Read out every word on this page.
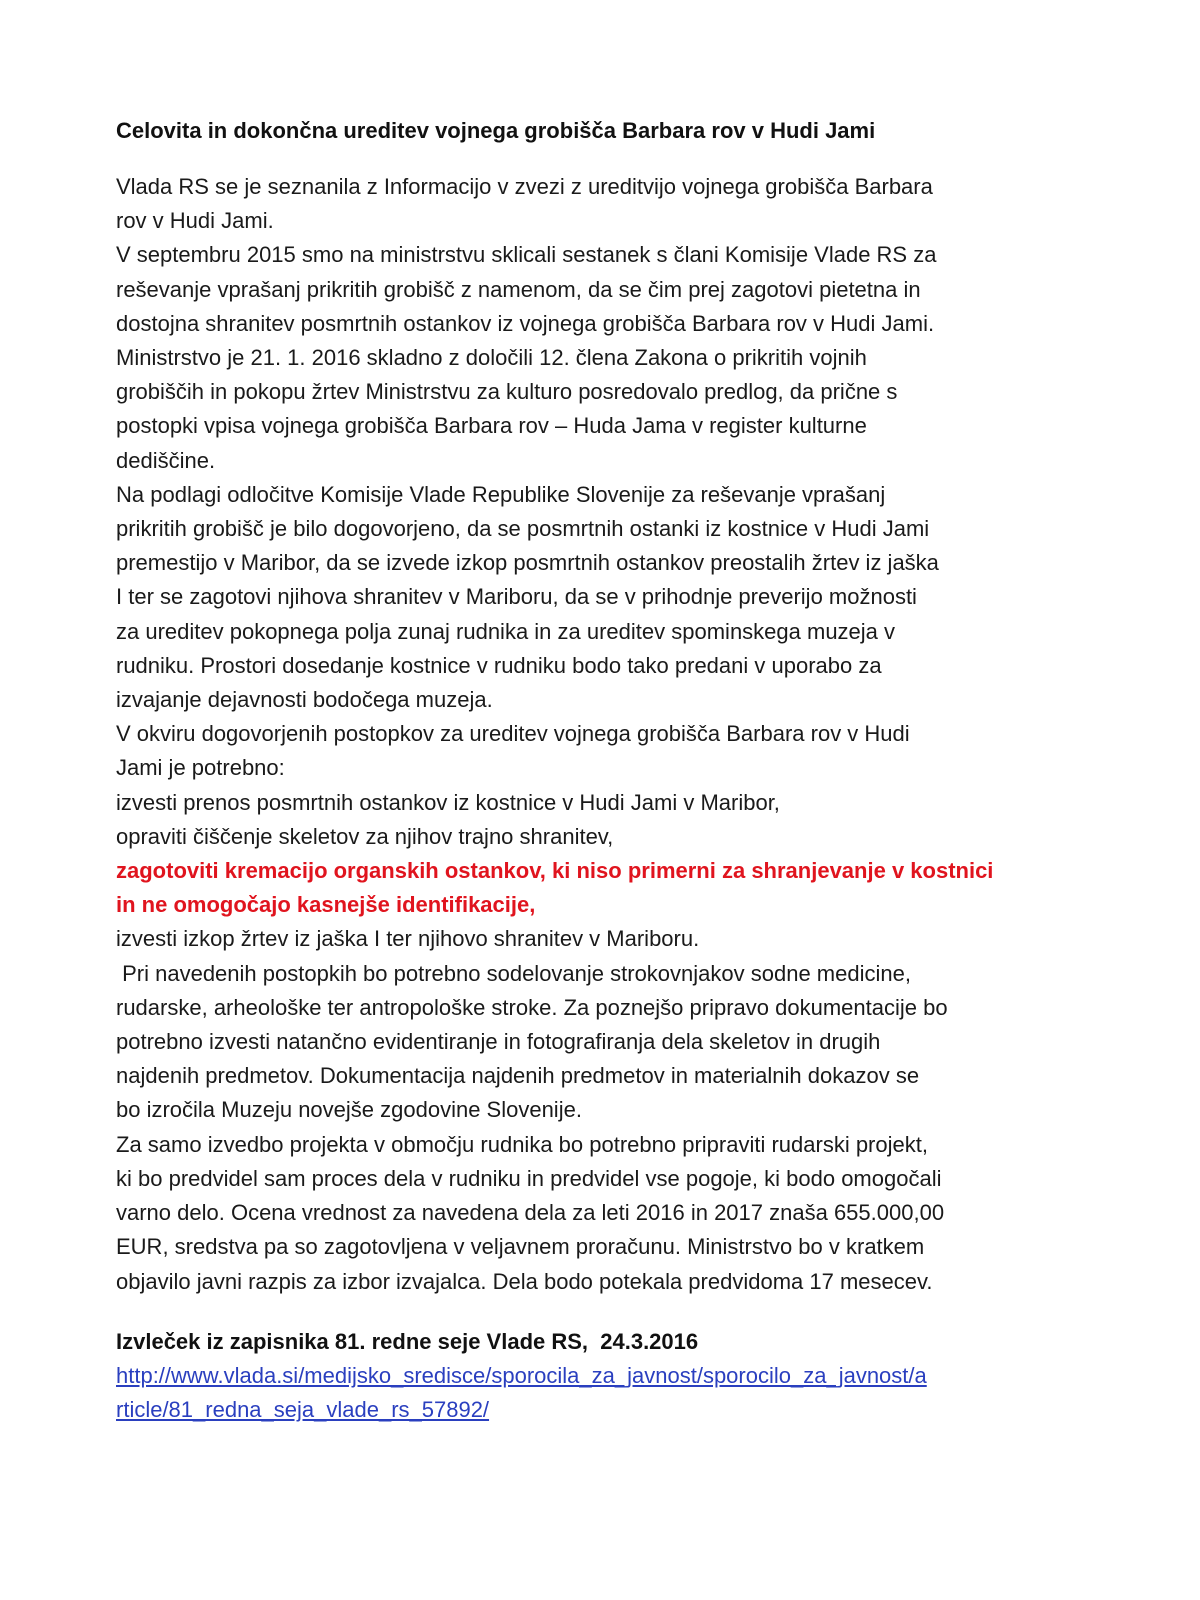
Celovita in dokončna ureditev vojnega grobišča Barbara rov v Hudi Jami

Vlada RS se je seznanila z Informacijo v zvezi z ureditvijo vojnega grobišča Barbara

rov v Hudi Jami.

V septembru 2015 smo na ministrstvu sklicali sestanek s člani Komisije Vlade RS za

reševanje vprašanj prikritih grobišč z namenom, da se čim prej zagotovi pietetna in

dostojna shranitev posmrtnih ostankov iz vojnega grobišča Barbara rov v Hudi Jami.

Ministrstvo je 21. 1. 2016 skladno z določili 12. člena Zakona o prikritih vojnih

grobiščih in pokopu žrtev Ministrstvu za kulturo posredovalo predlog, da prične s

postopki vpisa vojnega grobišča Barbara rov – Huda Jama v register kulturne

dediščine.

Na podlagi odločitve Komisije Vlade Republike Slovenije za reševanje vprašanj

prikritih grobišč je bilo dogovorjeno, da se posmrtnih ostanki iz kostnice v Hudi Jami

premestijo v Maribor, da se izvede izkop posmrtnih ostankov preostalih žrtev iz jaška

I ter se zagotovi njihova shranitev v Mariboru, da se v prihodnje preverijo možnosti

za ureditev pokopnega polja zunaj rudnika in za ureditev spominskega muzeja v

rudniku. Prostori dosedanje kostnice v rudniku bodo tako predani v uporabo za

izvajanje dejavnosti bodočega muzeja.

V okviru dogovorjenih postopkov za ureditev vojnega grobišča Barbara rov v Hudi

Jami je potrebno:

izvesti prenos posmrtnih ostankov iz kostnice v Hudi Jami v Maribor,

opraviti čiščenje skeletov za njihov trajno shranitev,

zagotoviti kremacijo organskih ostankov, ki niso primerni za shranjevanje v kostnici

in ne omogočajo kasnejše identifikacije,

izvesti izkop žrtev iz jaška I ter njihovo shranitev v Mariboru.

Pri navedenih postopkih bo potrebno sodelovanje strokovnjakov sodne medicine,

rudarske, arheološke ter antropološke stroke. Za poznejšo pripravo dokumentacije bo

potrebno izvesti natančno evidentiranje in fotografiranja dela skeletov in drugih

najdenih predmetov. Dokumentacija najdenih predmetov in materialnih dokazov se

bo izročila Muzeju novejše zgodovine Slovenije.

Za samo izvedbo projekta v območju rudnika bo potrebno pripraviti rudarski projekt,

ki bo predvidel sam proces dela v rudniku in predvidel vse pogoje, ki bodo omogočali

varno delo. Ocena vrednost za navedena dela za leti 2016 in 2017 znaša 655.000,00

EUR, sredstva pa so zagotovljena v veljavnem proračunu. Ministrstvo bo v kratkem

objavilo javni razpis za izbor izvajalca. Dela bodo potekala predvidoma 17 mesecev.

Izvleček iz zapisnika 81. redne seje Vlade RS,  24.3.2016

http://www.vlada.si/medijsko_sredisce/sporocila_za_javnost/sporocilo_za_javnost/a
rticle/81_redna_seja_vlade_rs_57892/
